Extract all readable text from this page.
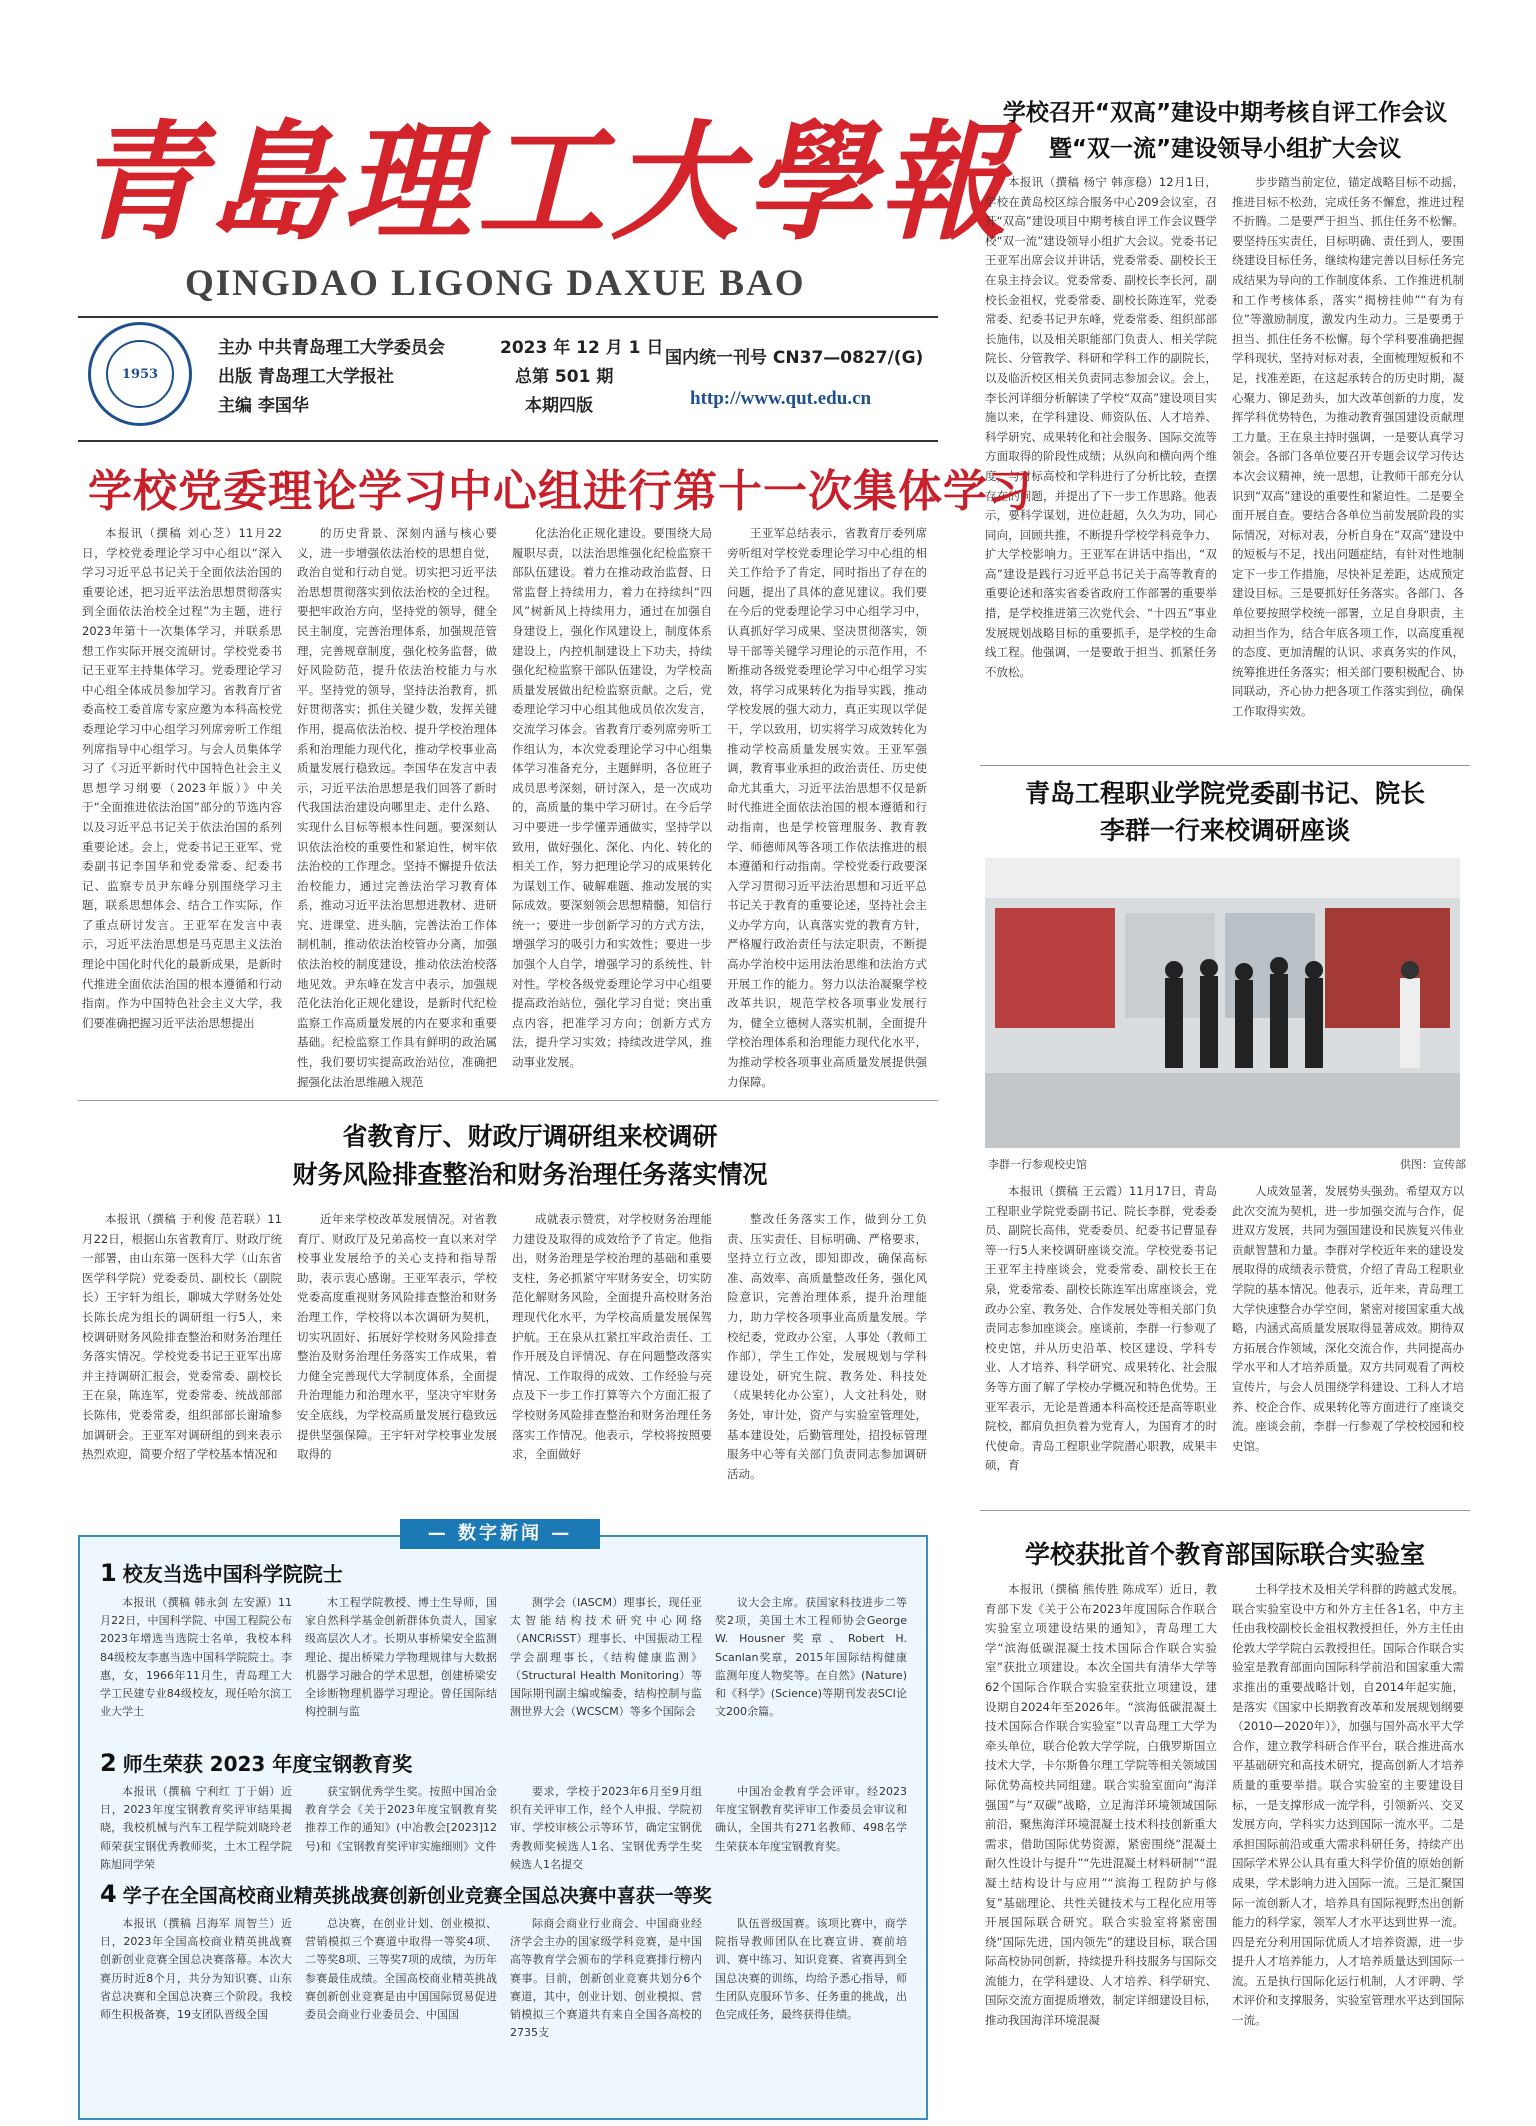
青島理工大學報
QINGDAO LIGONG DAXUE BAO
1953
主办 中共青岛理工大学委员会
出版 青岛理工大学报社
主编 李国华
2023 年 12 月 1 日
总第 501 期
本期四版
国内统一刊号 CN37—0827/(G)
http://www.qut.edu.cn
学校召开“双高”建设中期考核自评工作会议暨“双一流”建设领导小组扩大会议

本报讯（撰稿 杨宁 韩彦稳）12月1日，学校在黄岛校区综合服务中心209会议室，召开“双高”建设项目中期考核自评工作会议暨学校“双一流”建设领导小组扩大会议。党委书记王亚军出席会议并讲话，党委常委、副校长王在泉主持会议。党委常委、副校长李长河，副校长金祖权，党委常委、副校长陈连军，党委常委、纪委书记尹东峰，党委常委、组织部部长施伟，以及相关职能部门负责人、相关学院院长、分管教学、科研和学科工作的副院长，以及临沂校区相关负责同志参加会议。会上，李长河详细分析解读了学校“双高”建设项目实施以来，在学科建设、师资队伍、人才培养、科学研究、成果转化和社会服务、国际交流等方面取得的阶段性成绩；从纵向和横向两个维度，与对标高校和学科进行了分析比较，查摆存在的问题，并提出了下一步工作思路。他表示，要科学谋划，进位赶超，久久为功，同心同向，回顾共推，不断提升学校学科竞争力、扩大学校影响力。王亚军在讲话中指出，“双高”建设是践行习近平总书记关于高等教育的重要论述和落实省委省政府工作部署的重要举措，是学校推进第三次党代会、“十四五”事业发展规划战略目标的重要抓手，是学校的生命线工程。他强调，一是要敢于担当、抓紧任务不放松。

步步踏当前定位，锚定战略目标不动摇，推进目标不松劲，完成任务不懈怠，推进过程不折腾。二是要严于担当、抓住任务不松懈。要坚持压实责任，目标明确、责任到人，要围绕建设目标任务，继续构建完善以目标任务完成结果为导向的工作制度体系、工作推进机制和工作考核体系，落实“揭榜挂帅”“有为有位”等激励制度，激发内生动力。三是要勇于担当、抓住任务不松懈。每个学科要准确把握学科现状，坚持对标对表，全面梳理短板和不足，找准差距，在这起承转合的历史时期，凝心聚力、铆足劲头，加大改革创新的力度，发挥学科优势特色，为推动教育强国建设贡献理工力量。王在泉主持时强调，一是要认真学习领会。各部门各单位要召开专题会议学习传达本次会议精神，统一思想，让教师干部充分认识到“双高”建设的重要性和紧迫性。二是要全面开展自查。要结合各单位当前发展阶段的实际情况，对标对表，分析自身在“双高”建设中的短板与不足，找出问题症结，有针对性地制定下一步工作措施，尽快补足差距，达成预定建设目标。三是要抓好任务落实。各部门、各单位要按照学校统一部署，立足自身职责，主动担当作为，结合年底各项工作，以高度重视的态度、更加清醒的认识、求真务实的作风，统筹推进任务落实；相关部门要积极配合、协同联动，齐心协力把各项工作落实到位，确保工作取得实效。

学校党委理论学习中心组进行第十一次集体学习

本报讯（撰稿 刘心芝）11月22日，学校党委理论学习中心组以“深入学习习近平总书记关于全面依法治国的重要论述，把习近平法治思想贯彻落实到全面依法治校全过程”为主题，进行2023年第十一次集体学习，并联系思想工作实际开展交流研讨。学校党委书记王亚军主持集体学习。党委理论学习中心组全体成员参加学习。省教育厅省委高校工委首席专家应邀为本科高校党委理论学习中心组学习列席旁听工作组列席指导中心组学习。与会人员集体学习了《习近平新时代中国特色社会主义思想学习纲要（2023年版）》中关于“全面推进依法治国”部分的节选内容以及习近平总书记关于依法治国的系列重要论述。会上，党委书记王亚军、党委副书记李国华和党委常委、纪委书记、监察专员尹东峰分别围绕学习主题，联系思想体会、结合工作实际，作了重点研讨发言。王亚军在发言中表示，习近平法治思想是马克思主义法治理论中国化时代化的最新成果，是新时代推进全面依法治国的根本遵循和行动指南。作为中国特色社会主义大学，我们要准确把握习近平法治思想提出

的历史背景、深刻内涵与核心要义，进一步增强依法治校的思想自觉，政治自觉和行动自觉。切实把习近平法治思想贯彻落实到依法治校的全过程。要把牢政治方向，坚持党的领导，健全民主制度，完善治理体系，加强规范管理，完善规章制度，强化校务监督，做好风险防范，提升依法治校能力与水平。坚持党的领导，坚持法治教育，抓好贯彻落实；抓住关键少数，发挥关键作用，提高依法治校、提升学校治理体系和治理能力现代化，推动学校事业高质量发展行稳致远。李国华在发言中表示，习近平法治思想是我们回答了新时代我国法治建设向哪里走、走什么路、实现什么目标等根本性问题。要深刻认识依法治校的重要性和紧迫性，树牢依法治校的工作理念。坚持不懈提升依法治校能力，通过完善法治学习教育体系，推动习近平法治思想进教材、进研究、进课堂、进头脑，完善法治工作体制机制，推动依法治校管办分离，加强依法治校的制度建设，推动依法治校落地见效。尹东峰在发言中表示，加强规范化法治化正规化建设，是新时代纪检监察工作高质量发展的内在要求和重要基础。纪检监察工作具有鲜明的政治属性，我们要切实提高政治站位，准确把握强化法治思维融入规范

化法治化正规化建设。要围绕大局履职尽责，以法治思维强化纪检监察干部队伍建设。着力在推动政治监督、日常监督上持续用力，着力在持续纠“四风”树新风上持续用力，通过在加强自身建设上，强化作风建设上，制度体系建设上，内控机制建设上下功夫，持续强化纪检监察干部队伍建设，为学校高质量发展做出纪检监察贡献。之后，党委理论学习中心组其他成员依次发言，交流学习体会。省教育厅委列席旁听工作组认为，本次党委理论学习中心组集体学习准备充分，主题鲜明，各位班子成员思考深刻，研讨深入，是一次成功的，高质量的集中学习研讨。在今后学习中要进一步学懂弄通做实，坚持学以致用，做好强化、深化、内化、转化的相关工作，努力把理论学习的成果转化为谋划工作、破解难题、推动发展的实际成效。要深刻领会思想精髓，知信行统一；要进一步创新学习的方式方法，增强学习的吸引力和实效性；要进一步加强个人自学，增强学习的系统性、针对性。学校各级党委理论学习中心组要提高政治站位，强化学习自觉；突出重点内容，把准学习方向；创新方式方法，提升学习实效；持续改进学风，推动事业发展。

王亚军总结表示，省教育厅委列席旁听组对学校党委理论学习中心组的相关工作给予了肯定，同时指出了存在的问题，提出了具体的意见建议。我们要在今后的党委理论学习中心组学习中，认真抓好学习成果、坚决贯彻落实，领导干部等关键学习理论的示范作用，不断推动各级党委理论学习中心组学习实效，将学习成果转化为指导实践，推动学校发展的强大动力，真正实现以学促干，学以致用，切实将学习成效转化为推动学校高质量发展实效。王亚军强调，教育事业承担的政治责任、历史使命尤其重大，习近平法治思想不仅是新时代推进全面依法治国的根本遵循和行动指南，也是学校管理服务、教育教学、师德师风等各项工作依法推进的根本遵循和行动指南。学校党委行政要深入学习贯彻习近平法治思想和习近平总书记关于教育的重要论述，坚持社会主义办学方向，认真落实党的教育方针，严格履行政治责任与法定职责，不断提高办学治校中运用法治思维和法治方式开展工作的能力。努力以法治凝聚学校改革共识，规范学校各项事业发展行为，健全立德树人落实机制，全面提升学校治理体系和治理能力现代化水平，为推动学校各项事业高质量发展提供强力保障。

省教育厅、财政厅调研组来校调研
财务风险排查整治和财务治理任务落实情况

本报讯（撰稿 于利俊 范若联）11月22日，根据山东省教育厅、财政厅统一部署，由山东第一医科大学（山东省医学科学院）党委委员、副校长（副院长）王宇轩为组长，聊城大学财务处处长陈长虎为组长的调研组一行5人，来校调研财务风险排查整治和财务治理任务落实情况。学校党委书记王亚军出席并主持调研汇报会，党委常委、副校长王在泉，陈连军，党委常委、统战部部长陈伟，党委常委，组织部部长谢瑜参加调研会。王亚军对调研组的到来表示热烈欢迎，简要介绍了学校基本情况和

近年来学校改革发展情况。对省教育厅、财政厅及兄弟高校一直以来对学校事业发展给予的关心支持和指导帮助，表示衷心感谢。王亚军表示，学校党委高度重视财务风险排查整治和财务治理工作，学校将以本次调研为契机，切实巩固好、拓展好学校财务风险排查整治及财务治理任务落实工作成果，着力健全完善现代大学制度体系，全面提升治理能力和治理水平，坚决守牢财务安全底线，为学校高质量发展行稳致远提供坚强保障。王宇轩对学校事业发展取得的

成就表示赞赏，对学校财务治理能力建设及取得的成效给予了肯定。他指出，财务治理是学校治理的基础和重要支柱，务必抓紧守牢财务安全，切实防范化解财务风险，全面提升高校财务治理现代化水平，为学校高质量发展保驾护航。王在泉从扛紧扛牢政治责任、工作开展及自评情况、存在问题整改落实情况、工作取得的成效、工作经验与亮点及下一步工作打算等六个方面汇报了学校财务风险排查整治和财务治理任务落实工作情况。他表示，学校将按照要求，全面做好

整改任务落实工作，做到分工负责、压实责任、目标明确、严格要求，坚持立行立改，即知即改，确保高标准、高效率、高质量整改任务，强化风险意识，完善治理体系，提升治理能力，助力学校各项事业高质量发展。学校纪委，党政办公室，人事处（教师工作部），学生工作处，发展规划与学科建设处，研究生院、教务处、科技处（成果转化办公室），人文社科处，财务处，审计处，资产与实验室管理处，基本建设处，后勤管理处，招投标管理服务中心等有关部门负责同志参加调研活动。

青岛工程职业学院党委副书记、院长
李群一行来校调研座谈
李群一行参观校史馆	供图：宣传部

本报讯（撰稿 王云霞）11月17日，青岛工程职业学院党委副书记、院长李群，党委委员、副院长高伟，党委委员、纪委书记曹显春等一行5人来校调研座谈交流。学校党委书记王亚军主持座谈会，党委常委、副校长王在泉，党委常委、副校长陈连军出席座谈会，党政办公室、教务处、合作发展处等相关部门负责同志参加座谈会。座谈前，李群一行参观了校史馆，并从历史沿革、校区建设、学科专业、人才培养、科学研究、成果转化、社会服务等方面了解了学校办学概况和特色优势。王亚军表示，无论是普通本科高校还是高等职业院校，都肩负担负着为党育人，为国育才的时代使命。青岛工程职业学院潜心职教，成果丰硕，育

人成效显著，发展势头强劲。希望双方以此次交流为契机，进一步加强交流与合作，促进双方发展，共同为强国建设和民族复兴伟业贡献智慧和力量。李群对学校近年来的建设发展取得的成绩表示赞赏，介绍了青岛工程职业学院的基本情况。他表示，近年来，青岛理工大学快速整合办学空间，紧密对接国家重大战略，内涵式高质量发展取得显著成效。期待双方拓展合作领域，深化交流合作，共同提高办学水平和人才培养质量。双方共同观看了两校宣传片，与会人员围绕学科建设、工科人才培养、校企合作、成果转化等方面进行了座谈交流。座谈会前，李群一行参观了学校校园和校史馆。

学校获批首个教育部国际联合实验室

本报讯（撰稿 熊传胜 陈成军）近日，教育部下发《关于公布2023年度国际合作联合实验室立项建设结果的通知》，青岛理工大学“滨海低碳混凝土技术国际合作联合实验室”获批立项建设。本次全国共有清华大学等62个国际合作联合实验室获批立项建设，建设期自2024年至2026年。“滨海低碳混凝土技术国际合作联合实验室”以青岛理工大学为牵头单位，联合伦敦大学学院，白俄罗斯国立技术大学，卡尔斯鲁尔理工学院等相关领域国际优势高校共同组建。联合实验室面向“海洋强国”与“双碳”战略，立足海洋环境领域国际前沿，聚焦海洋环境混凝土技术科技创新重大需求，借助国际优势资源，紧密围绕“混凝土耐久性设计与提升”“先进混凝土材料研制”“混凝土结构设计与应用”“滨海工程防护与修复”基础理论、共性关键技术与工程化应用等开展国际联合研究。联合实验室将紧密围绕“国际先进，国内领先”的建设目标，联合国际高校协同创新，持续提升科技服务与国际交流能力，在学科建设、人才培养、科学研究、国际交流方面提质增效，制定详细建设目标，推动我国海洋环境混凝

土科学技术及相关学科群的跨越式发展。联合实验室设中方和外方主任各1名，中方主任由我校副校长金祖权教授担任，外方主任由伦敦大学学院白云教授担任。国际合作联合实验室是教育部面向国际科学前沿和国家重大需求推出的重要战略计划，自2014年起实施，是落实《国家中长期教育改革和发展规划纲要（2010—2020年）》，加强与国外高水平大学合作，建立教学科研合作平台，联合推进高水平基础研究和高技术研究，提高创新人才培养质量的重要举措。联合实验室的主要建设目标，一是支撑形成一流学科，引领新兴、交叉发展方向，学科实力达到国际一流水平。二是承担国际前沿或重大需求科研任务，持续产出国际学术界公认具有重大科学价值的原始创新成果，学术影响力进入国际一流。三是汇聚国际一流创新人才，培养具有国际视野杰出创新能力的科学家，领军人才水平达到世界一流。四是充分利用国际优质人才培养资源，进一步提升人才培养能力，人才培养质量达到国际一流。五是执行国际化运行机制，人才评聘、学术评价和支撑服务，实验室管理水平达到国际一流。

— 数字新闻 —
1 校友当选中国科学院院士

本报讯（撰稿 韩永剑 左安源）11月22日，中国科学院、中国工程院公布2023年增选当选院士名单，我校本科84级校友李惠当选中国科学院院士。李惠，女，1966年11月生，青岛理工大学工民建专业84级校友，现任哈尔滨工业大学土

木工程学院教授、博士生导师，国家自然科学基金创新群体负责人，国家级高层次人才。长期从事桥梁安全监测理论、提出桥梁力学物理规律与大数据机器学习融合的学术思想，创建桥梁安全诊断物理机器学习理论。曾任国际结构控制与监

测学会（IASCM）理事长，现任亚太智能结构技术研究中心网络（ANCRiSST）理事长、中国振动工程学会副理事长，《结构健康监测》（Structural Health Monitoring）等国际期刊副主编或编委，结构控制与监测世界大会（WCSCM）等多个国际会

议大会主席。获国家科技进步二等奖2项，美国土木工程师协会George W. Housner奖章、Robert H. Scanlan奖章，2015年国际结构健康监测年度人物奖等。在自然》(Nature)和《科学》(Science)等期刊发表SCI论文200余篇。

2 师生荣获 2023 年度宝钢教育奖

本报讯（撰稿 宁利红 丁于娟）近日，2023年度宝钢教育奖评审结果揭晓，我校机械与汽车工程学院刘晓玲老师荣获宝钢优秀教师奖，土木工程学院陈旭同学荣

获宝钢优秀学生奖。按照中国冶金教育学会《关于2023年度宝钢教育奖推荐工作的通知》(中冶教会[2023]12号)和《宝钢教育奖评审实施细则》文件

要求，学校于2023年6月至9月组织有关评审工作，经个人申报、学院初审、学校审核公示等环节，确定宝钢优秀教师奖候选人1名、宝钢优秀学生奖候选人1名提交

中国冶金教育学会评审。经2023年度宝钢教育奖评审工作委员会审议和确认，全国共有271名教师、498名学生荣获本年度宝钢教育奖。

4 学子在全国高校商业精英挑战赛创新创业竞赛全国总决赛中喜获一等奖

本报讯（撰稿 吕海军 周智兰）近日，2023年全国高校商业精英挑战赛创新创业竞赛全国总决赛落幕。本次大赛历时近8个月，共分为知识赛、山东省总决赛和全国总决赛三个阶段。我校师生积极备赛，19支团队晋级全国

总决赛，在创业计划、创业模拟、营销模拟三个赛道中取得一等奖4项、二等奖8项、三等奖7项的成绩，为历年参赛最佳成绩。全国高校商业精英挑战赛创新创业竞赛是由中国国际贸易促进委员会商业行业委员会、中国国

际商会商业行业商会、中国商业经济学会主办的国家级学科竞赛，是中国高等教育学会颁布的学科竞赛排行榜内赛事。目前，创新创业竞赛共划分6个赛道，其中，创业计划、创业模拟、营销模拟三个赛道共有来自全国各高校的2735支

队伍晋级国赛。该项比赛中，商学院指导教师团队在比赛宣讲、赛前培训、赛中练习、知识竞赛、省赛再到全国总决赛的训练，均给予悉心指导，师生团队克服环节多、任务重的挑战，出色完成任务，最终获得佳绩。
